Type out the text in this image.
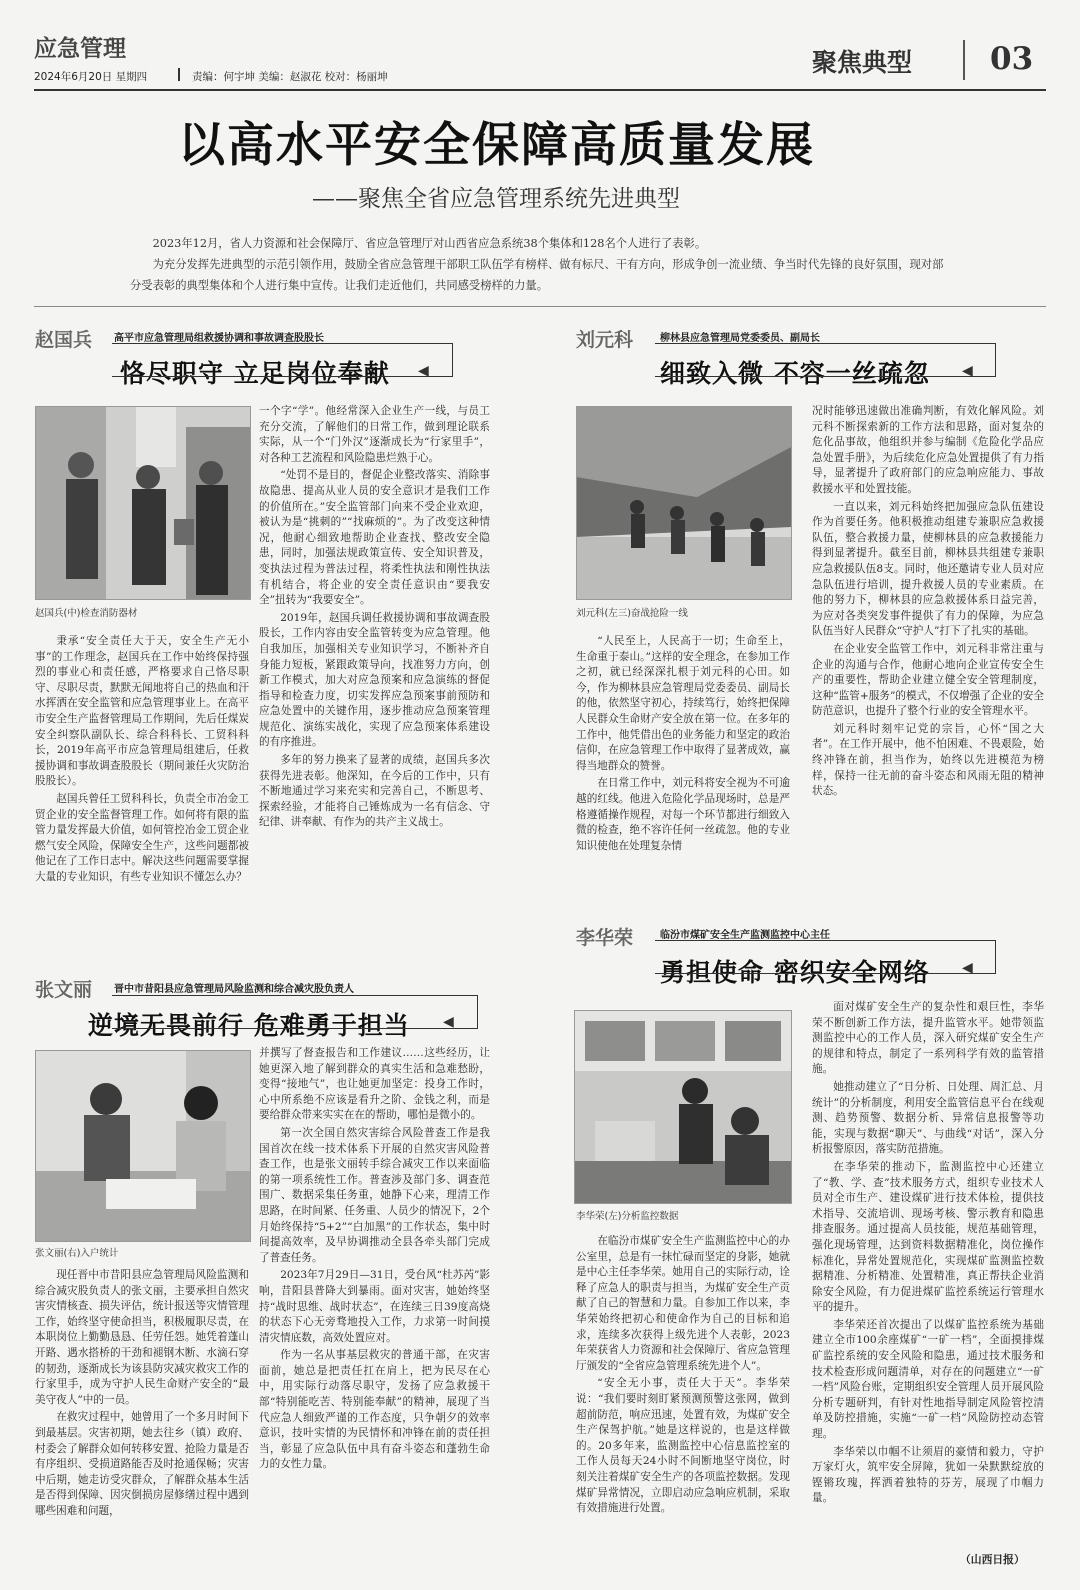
应急管理
2024年6月20日 星期四	责编：何宇坤 美编：赵淑花 校对：杨丽坤	聚焦典型	03
以高水平安全保障高质量发展
——聚焦全省应急管理系统先进典型
2023年12月，省人力资源和社会保障厅、省应急管理厅对山西省应急系统38个集体和128名个人进行了表彰。
为充分发挥先进典型的示范引领作用，鼓励全省应急管理干部职工队伍学有榜样、做有标尺、干有方向，形成争创一流业绩、争当时代先锋的良好氛围，现对部分受表彰的典型集体和个人进行集中宣传。让我们走近他们，共同感受榜样的力量。
赵国兵 高平市应急管理局组救援协调和事故调查股股长
恪尽职守 立足岗位奉献 ◀
赵国兵(中)检查消防器材

秉承“安全责任大于天，安全生产无小事”的工作理念，赵国兵在工作中始终保持强烈的事业心和责任感，严格要求自己恪尽职守、尽职尽责，默默无闻地将自己的热血和汗水挥洒在安全监管和应急管理事业上。在高平市安全生产监督管理局工作期间，先后任煤炭安全纠察队副队长、综合科科长、工贸科科长，2019年高平市应急管理局组建后，任救援协调和事故调查股股长（期间兼任火灾防治股股长）。

赵国兵曾任工贸科科长，负责全市冶金工贸企业的安全监督管理工作。如何将有限的监管力量发挥最大价值，如何管控冶金工贸企业燃气安全风险，保障安全生产，这些问题都被他记在了工作日志中。解决这些问题需要掌握大量的专业知识，有些专业知识不懂怎么办？

一个字“学”。他经常深入企业生产一线，与员工充分交流，了解他们的日常工作，做到理论联系实际，从一个“门外汉”逐渐成长为“行家里手”，对各种工艺流程和风险隐患烂熟于心。

“处罚不是目的，督促企业整改落实、消除事故隐患、提高从业人员的安全意识才是我们工作的价值所在。”安全监管部门向来不受企业欢迎，被认为是“挑刺的”“找麻烦的”。为了改变这种情况，他耐心细致地帮助企业查找、整改安全隐患，同时，加强法规政策宣传、安全知识普及，变执法过程为普法过程，将柔性执法和刚性执法有机结合，将企业的安全责任意识由“要我安全”扭转为“我要安全”。

2019年，赵国兵调任救援协调和事故调查股股长，工作内容由安全监管转变为应急管理。他自我加压，加强相关专业知识学习，不断补齐自身能力短板，紧跟政策导向，找准努力方向，创新工作模式，加大对应急预案和应急演练的督促指导和检查力度，切实发挥应急预案事前预防和应急处置中的关键作用，逐步推动应急预案管理规范化、演练实战化，实现了应急预案体系建设的有序推进。

多年的努力换来了显著的成绩，赵国兵多次获得先进表彰。他深知，在今后的工作中，只有不断地通过学习来充实和完善自己，不断思考、探索经验，才能将自己锤炼成为一名有信念、守纪律、讲奉献、有作为的共产主义战士。

刘元科	柳林县应急管理局党委委员、副局长
细致入微 不容一丝疏忽 ◀
刘元科(左三)奋战抢险一线

“人民至上，人民高于一切；生命至上，生命重于泰山。”这样的安全理念，在参加工作之初，就已经深深扎根于刘元科的心田。如今，作为柳林县应急管理局党委委员、副局长的他，依然坚守初心，持续笃行，始终把保障人民群众生命财产安全放在第一位。在多年的工作中，他凭借出色的业务能力和坚定的政治信仰，在应急管理工作中取得了显著成效，赢得当地群众的赞誉。

在日常工作中，刘元科将安全视为不可逾越的红线。他进入危险化学品现场时，总是严格遵循操作规程，对每一个环节都进行细致入微的检查，绝不容许任何一丝疏忽。他的专业知识使他在处理复杂情

况时能够迅速做出准确判断，有效化解风险。刘元科不断探索新的工作方法和思路，面对复杂的危化品事故，他组织并参与编制《危险化学品应急处置手册》，为后续危化应急处置提供了有力指导，显著提升了政府部门的应急响应能力、事故救援水平和处置技能。

一直以来，刘元科始终把加强应急队伍建设作为首要任务。他积极推动组建专兼职应急救援队伍，整合救援力量，使柳林县的应急救援能力得到显著提升。截至目前，柳林县共组建专兼职应急救援队伍8支。同时，他还邀请专业人员对应急队伍进行培训，提升救援人员的专业素质。在他的努力下，柳林县的应急救援体系日益完善，为应对各类突发事件提供了有力的保障，为应急队伍当好人民群众“守护人”打下了扎实的基础。

在企业安全监管工作中，刘元科非常注重与企业的沟通与合作，他耐心地向企业宣传安全生产的重要性，帮助企业建立健全安全管理制度，这种“监管+服务”的模式，不仅增强了企业的安全防范意识，也提升了整个行业的安全管理水平。

刘元科时刻牢记党的宗旨，心怀“国之大者”。在工作开展中，他不怕困难、不畏艰险，始终冲锋在前，担当作为，始终以先进模范为榜样，保持一往无前的奋斗姿态和风雨无阻的精神状态。

张文丽 晋中市昔阳县应急管理局风险监测和综合减灾股负责人
逆境无畏前行 危难勇于担当 ◀
张文丽(右)入户统计

现任晋中市昔阳县应急管理局风险监测和综合减灾股负责人的张文丽，主要承担自然灾害灾情核查、损失评估，统计报送等灾情管理工作，始终坚守使命担当，积极履职尽责，在本职岗位上勤勤恳恳、任劳任怨。她凭着蓬山开路、遇水搭桥的干劲和褪钢木断、水滴石穿的韧劲，逐渐成长为该县防灾减灾救灾工作的行家里手，成为守护人民生命财产安全的“最美守夜人”中的一员。

在救灾过程中，她曾用了一个多月时间下到最基层。灾害初期，她去往乡（镇）政府、村委会了解群众如何转移安置、抢险力量是否有序组织、受损道路能否及时抢通保畅；灾害中后期，她走访受灾群众，了解群众基本生活是否得到保障、因灾倒损房屋修缮过程中遇到哪些困难和问题，

并撰写了督查报告和工作建议……这些经历，让她更深入地了解到群众的真实生活和急难愁盼，变得“接地气”，也让她更加坚定：投身工作时，心中所系绝不应该是看升之阶、金钱之利，而是要给群众带来实实在在的帮助，哪怕是微小的。

第一次全国自然灾害综合风险普查工作是我国首次在线一技术体系下开展的自然灾害风险普查工作，也是张文丽转手综合减灾工作以来面临的第一项系统性工作。普查涉及部门多、调查范围广、数据采集任务重，她静下心来，理清工作思路，在时间紧、任务重、人员少的情况下，2个月始终保持“5+2”“白加黑”的工作状态，集中时间提高效率，及早协调推动全县各牵头部门完成了普查任务。

2023年7月29日—31日，受台风“杜苏芮”影响，昔阳县普降大到暴雨。面对灾害，她始终坚持“战时思维、战时状态”，在连续三日39度高烧的状态下心无旁骛地投入工作，力求第一时间摸清灾情底数，高效处置应对。

作为一名从事基层救灾的普通干部，在灾害面前，她总是把责任扛在肩上，把为民尽在心中，用实际行动落尽职守，发扬了应急救援干部“特别能吃苦、特别能奉献”的精神，展现了当代应急人细致严谨的工作态度，只争朝夕的效率意识，技叶实情的为民情怀和冲锋在前的责任担当，彰显了应急队伍中具有奋斗姿态和蓬勃生命力的女性力量。

李华荣	临汾市煤矿安全生产监测监控中心主任
勇担使命 密织安全网络 ◀
李华荣(左)分析监控数据

在临汾市煤矿安全生产监测监控中心的办公室里，总是有一抹忙碌而坚定的身影，她就是中心主任李华荣。她用自己的实际行动，诠释了应急人的职责与担当，为煤矿安全生产贡献了自己的智慧和力量。自参加工作以来，李华荣始终把初心和使命作为自己的目标和追求，连续多次获得上级先进个人表彰，2023年荣获省人力资源和社会保障厅、省应急管理厅颁发的“全省应急管理系统先进个人”。

“安全无小事，责任大于天”。李华荣说：“我们要时刻盯紧预测预警这张网，做到超前防范，响应迅速，处置有效，为煤矿安全生产保驾护航。”她是这样说的，也是这样做的。20多年来，监测监控中心信息监控室的工作人员每天24小时不间断地坚守岗位，时刻关注着煤矿安全生产的各项监控数据。发现煤矿异常情况，立即启动应急响应机制，采取有效措施进行处置。

面对煤矿安全生产的复杂性和艰巨性，李华荣不断创新工作方法，提升监管水平。她带领监测监控中心的工作人员，深入研究煤矿安全生产的规律和特点，制定了一系列科学有效的监管措施。

她推动建立了“日分析、日处理、周汇总、月统计”的分析制度，利用安全监管信息平台在线观测、趋势预警、数据分析、异常信息报警等功能，实现与数据“聊天”、与曲线“对话”，深入分析报警原因，落实防范措施。

在李华荣的推动下，监测监控中心还建立了“教、学、查”技术服务方式，组织专业技术人员对全市生产、建设煤矿进行技术体检，提供技术指导、交流培训、现场考核、警示教育和隐患排查服务。通过提高人员技能，规范基础管理，强化现场管理，达到资料数据精准化，岗位操作标准化，异常处置规范化，实现煤矿监测监控数据精准、分析精准、处置精准，真正帮扶企业消除安全风险，有力促进煤矿监控系统运行管理水平的提升。

李华荣还首次提出了以煤矿监控系统为基础建立全市100余座煤矿“一矿一档”，全面摸排煤矿监控系统的安全风险和隐患，通过技术服务和技术检查形成问题清单，对存在的问题建立“一矿一档”风险台账，定期组织安全管理人员开展风险分析专题研判，有针对性地指导制定风险管控清单及防控措施，实施“一矿一档”风险防控动态管理。

李华荣以巾帼不让须眉的豪情和毅力，守护万家灯火，筑牢安全屏障，犹如一朵默默绽放的铿锵玫瑰，挥洒着独特的芬芳，展现了巾帼力量。

（山西日报）
